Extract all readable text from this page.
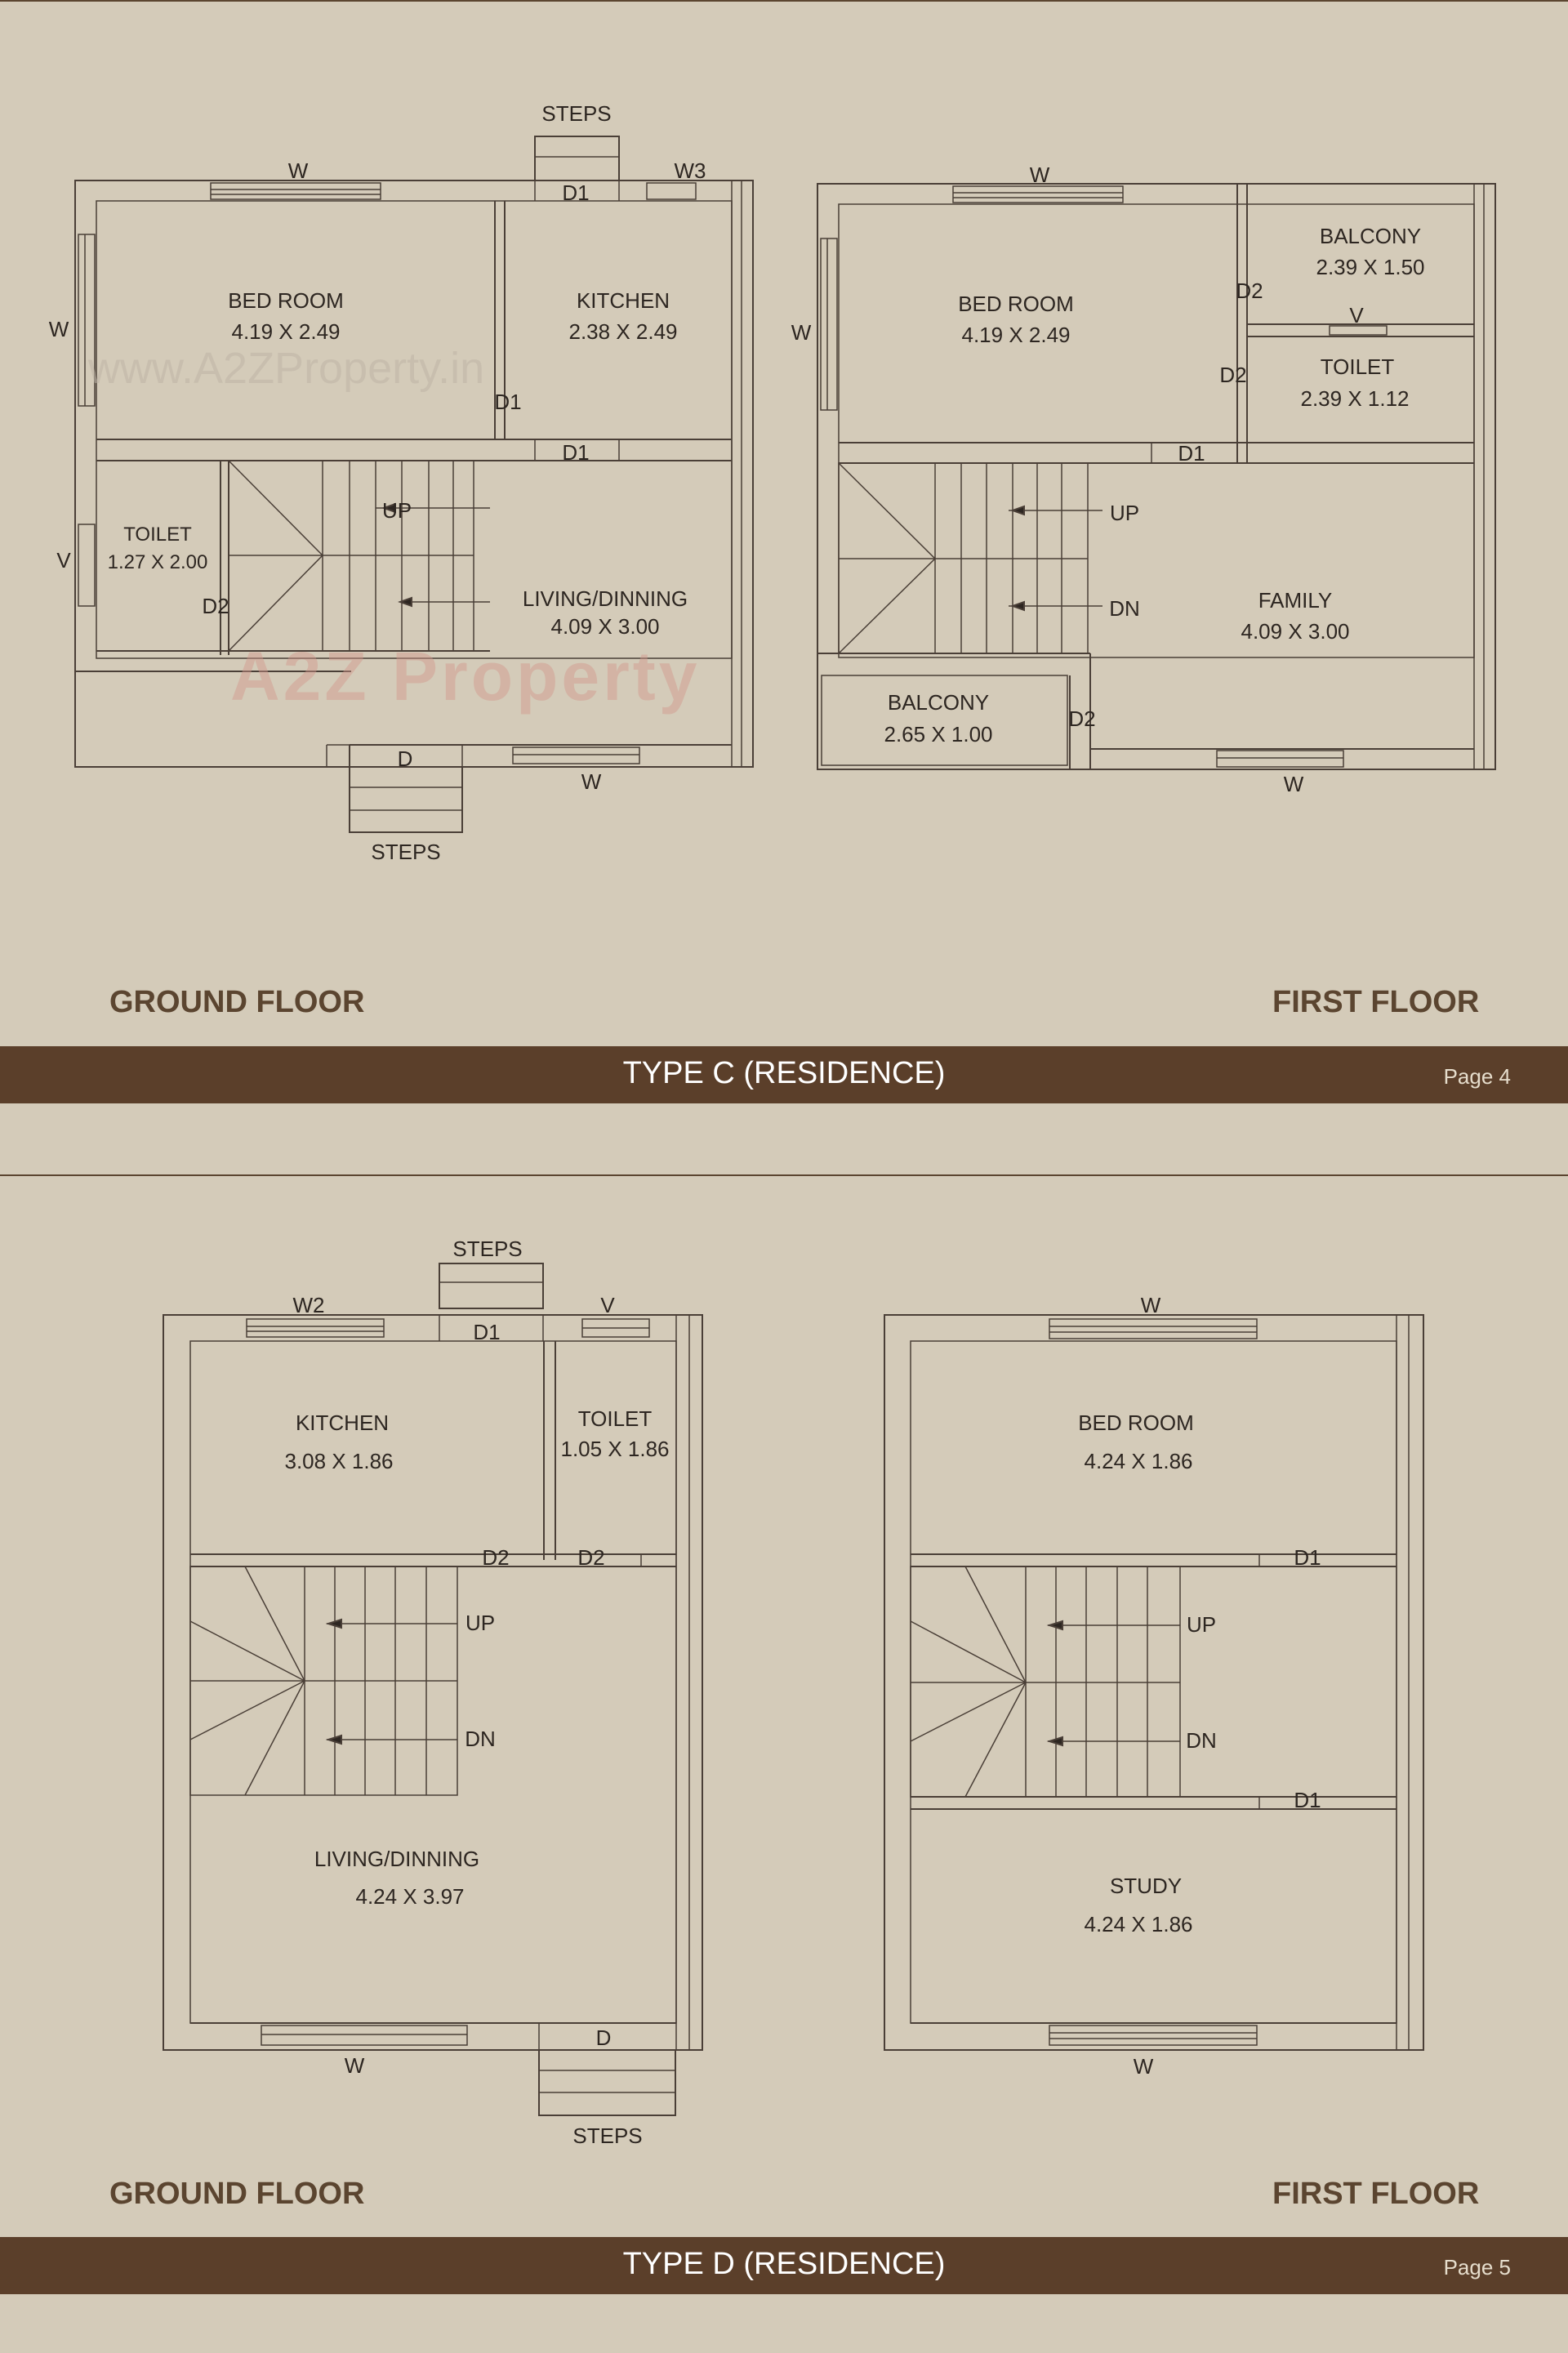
STEPS
W	W3
D1
W
V
BED ROOM
4.19 X 2.49
KITCHEN
2.38 X 2.49
D1
D1
TOILET
1.27 X 2.00
D2
UP
LIVING/DINNING
4.09 X 3.00
D
W
STEPS
W
W
BED ROOM
4.19 X 2.49
BALCONY
2.39 X 1.50
D2
V
D2	TOILET
2.39 X 1.12
D1
UP
DN	FAMILY
4.09 X 3.00
BALCONY
2.65 X 1.00
D2
W
www.A2ZProperty.in
A2Z Property
GROUND FLOOR	FIRST FLOOR
TYPE C (RESIDENCE)	Page 4
STEPS
W2	V
D1
KITCHEN
3.08 X 1.86
TOILET
1.05 X 1.86
D2	D2
UP
DN
LIVING/DINNING
4.24 X 3.97
D
W
STEPS
W
BED ROOM
4.24 X 1.86
D1
UP
DN
D1
STUDY
4.24 X 1.86
W
GROUND FLOOR	FIRST FLOOR
TYPE D (RESIDENCE)	Page 5
